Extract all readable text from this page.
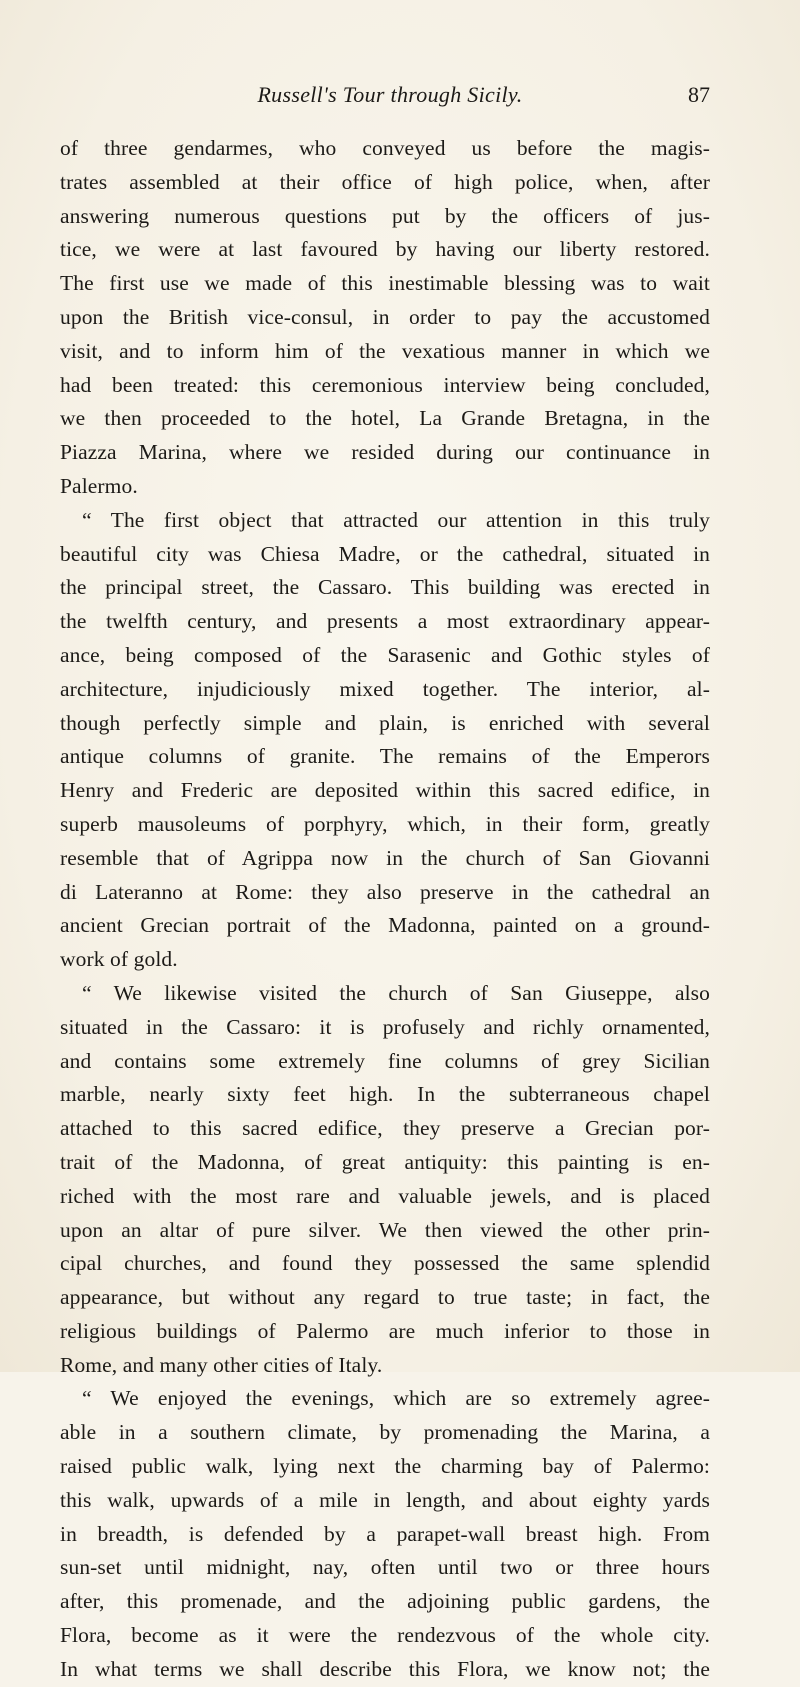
Russell's Tour through Sicily.	87
of three gendarmes, who conveyed us before the magis-
trates assembled at their office of high police, when, after
answering numerous questions put by the officers of jus-
tice, we were at last favoured by having our liberty restored.
The first use we made of this inestimable blessing was to wait
upon the British vice-consul, in order to pay the accustomed
visit, and to inform him of the vexatious manner in which we
had been treated: this ceremonious interview being concluded,
we then proceeded to the hotel, La Grande Bretagna, in the
Piazza Marina, where we resided during our continuance in
Palermo.
“ The first object that attracted our attention in this truly
beautiful city was Chiesa Madre, or the cathedral, situated in
the principal street, the Cassaro. This building was erected in
the twelfth century, and presents a most extraordinary appear-
ance, being composed of the Sarasenic and Gothic styles of
architecture, injudiciously mixed together. The interior, al-
though perfectly simple and plain, is enriched with several
antique columns of granite. The remains of the Emperors
Henry and Frederic are deposited within this sacred edifice, in
superb mausoleums of porphyry, which, in their form, greatly
resemble that of Agrippa now in the church of San Giovanni
di Lateranno at Rome: they also preserve in the cathedral an
ancient Grecian portrait of the Madonna, painted on a ground-
work of gold.
“ We likewise visited the church of San Giuseppe, also
situated in the Cassaro: it is profusely and richly ornamented,
and contains some extremely fine columns of grey Sicilian
marble, nearly sixty feet high. In the subterraneous chapel
attached to this sacred edifice, they preserve a Grecian por-
trait of the Madonna, of great antiquity: this painting is en-
riched with the most rare and valuable jewels, and is placed
upon an altar of pure silver. We then viewed the other prin-
cipal churches, and found they possessed the same splendid
appearance, but without any regard to true taste; in fact, the
religious buildings of Palermo are much inferior to those in
Rome, and many other cities of Italy.
“ We enjoyed the evenings, which are so extremely agree-
able in a southern climate, by promenading the Marina, a
raised public walk, lying next the charming bay of Palermo:
this walk, upwards of a mile in length, and about eighty yards
in breadth, is defended by a parapet-wall breast high. From
sun-set until midnight, nay, often until two or three hours
after, this promenade, and the adjoining public gardens, the
Flora, become as it were the rendezvous of the whole city.
In what terms we shall describe this Flora, we know not; the
